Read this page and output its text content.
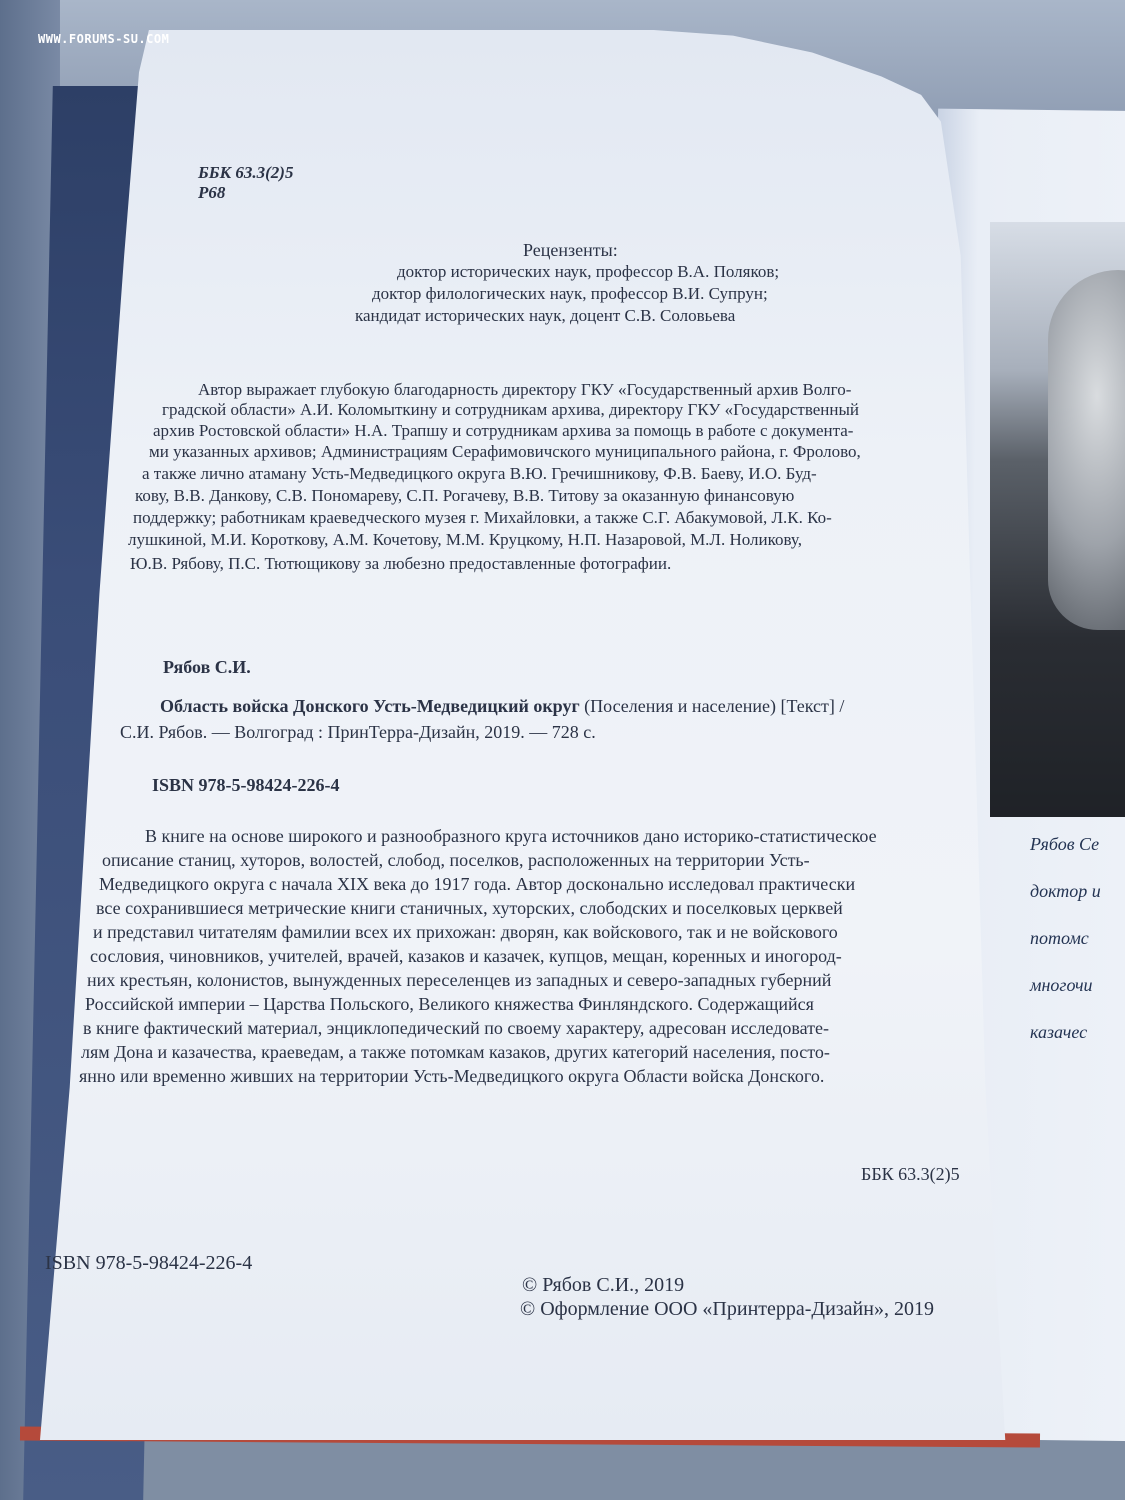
Рябов Се
доктор и
потомс
многочи
казачес
WWW.FORUMS-SU.COM
ББК 63.3(2)5
Р68
Рецензенты:
доктор исторических наук, профессор В.А. Поляков;
доктор филологических наук, профессор В.И. Супрун;
кандидат исторических наук, доцент С.В. Соловьева
Автор выражает глубокую благодарность директору ГКУ «Государственный архив Волго-
градской области» А.И. Коломыткину и сотрудникам архива, директору ГКУ «Государственный
архив Ростовской области» Н.А. Трапшу и сотрудникам архива за помощь в работе с документа-
ми указанных архивов; Администрациям Серафимовичского муниципального района, г. Фролово,
а также лично атаману Усть-Медведицкого округа В.Ю. Гречишникову, Ф.В. Баеву, И.О. Буд-
кову, В.В. Данкову, С.В. Пономареву, С.П. Рогачеву, В.В. Титову за оказанную финансовую
поддержку; работникам краеведческого музея г. Михайловки, а также С.Г. Абакумовой, Л.К. Ко-
лушкиной, М.И. Короткову, А.М. Кочетову, М.М. Круцкому, Н.П. Назаровой, М.Л. Ноликову,
Ю.В. Рябову, П.С. Тютющикову за любезно предоставленные фотографии.
Рябов С.И.
Область войска Донского Усть-Медведицкий округ (Поселения и население) [Текст] /
С.И. Рябов. — Волгоград : ПринТерра-Дизайн, 2019. — 728 с.
ISBN 978-5-98424-226-4
В книге на основе широкого и разнообразного круга источников дано историко-статистическое
описание станиц, хуторов, волостей, слобод, поселков, расположенных на территории Усть-
Медведицкого округа с начала XIX века до 1917 года. Автор досконально исследовал практически
все сохранившиеся метрические книги станичных, хуторских, слободских и поселковых церквей
и представил читателям фамилии всех их прихожан: дворян, как войскового, так и не войскового
сословия, чиновников, учителей, врачей, казаков и казачек, купцов, мещан, коренных и иногород-
них крестьян, колонистов, вынужденных переселенцев из западных и северо-западных губерний
Российской империи – Царства Польского, Великого княжества Финляндского. Содержащийся
в книге фактический материал, энциклопедический по своему характеру, адресован исследовате-
лям Дона и казачества, краеведам, а также потомкам казаков, других категорий населения, посто-
янно или временно живших на территории Усть-Медведицкого округа Области войска Донского.
ББК 63.3(2)5
ISBN 978-5-98424-226-4
© Рябов С.И., 2019
© Оформление ООО «Принтерра-Дизайн», 2019
